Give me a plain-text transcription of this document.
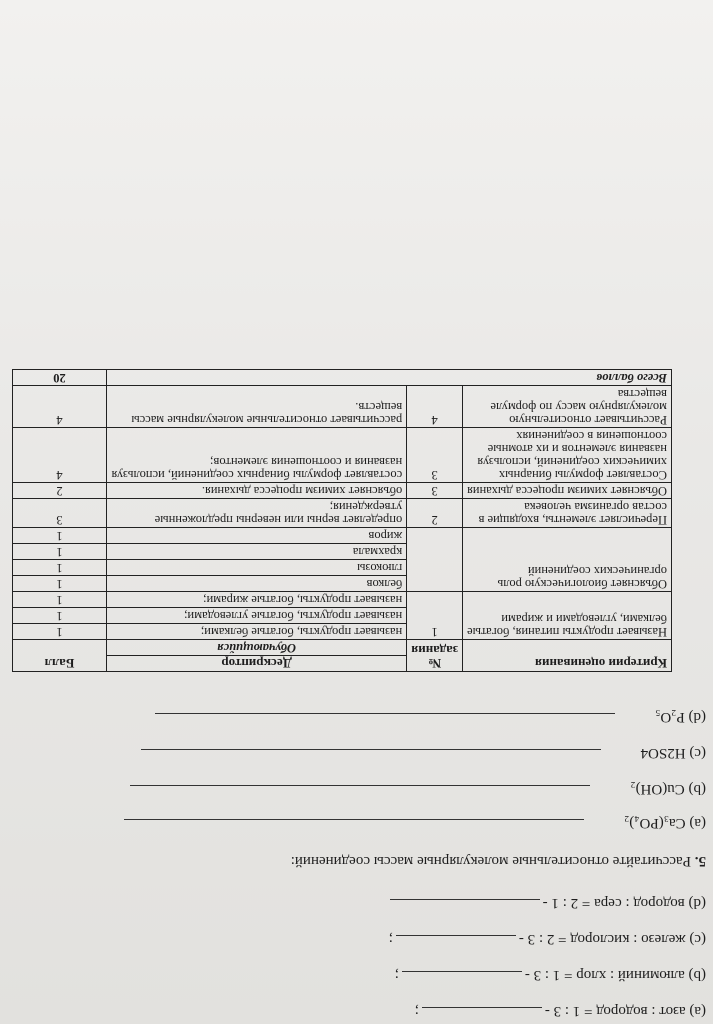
(a) азот : водород = 1 : 3 -;
(b) алюминий : хлор = 1 : 3 -;
(c) железо : кислород = 2 : 3 -;
(d) водород : сера = 2 : 1 -
5. Рассчитайте относительные молекулярные массы соединений:
(a) Ca₃(PO₄)₂
(b) Cu(OH)₂
(c) H2SO4
(d) P₂O₅
Критерии оценивания	№ задания	Дескриптор	Балл
		Обучающийся	
Называет продукты питания, богатые белками, углеводами и жирами	1	называет продукты, богатые белками;	1
		называет продукты, богатые углеводами;	1
		называет продукты, богатые жирами;	1
Объясняет биологическую роль органических соединений		белков	1
		глюкозы	1
		крахмала	1
		жиров	1
Перечисляет элементы, входящие в состав организма человека	2	определяет верны или неверны предложенные утверждения;	3
Объясняет химизм процесса дыхания	3	объясняет химизм процесса дыхания.	2
Составляет формулы бинарных химических соединений, используя названия элементов и их атомные соотношения в соединениях	3	составляет формулы бинарных соединений, используя названия и соотношения элементов;	4
Рассчитывает относительную молекулярную массу по формуле вещества	4	рассчитывает относительные молекулярные массы веществ.	4
Всего баллов			20
